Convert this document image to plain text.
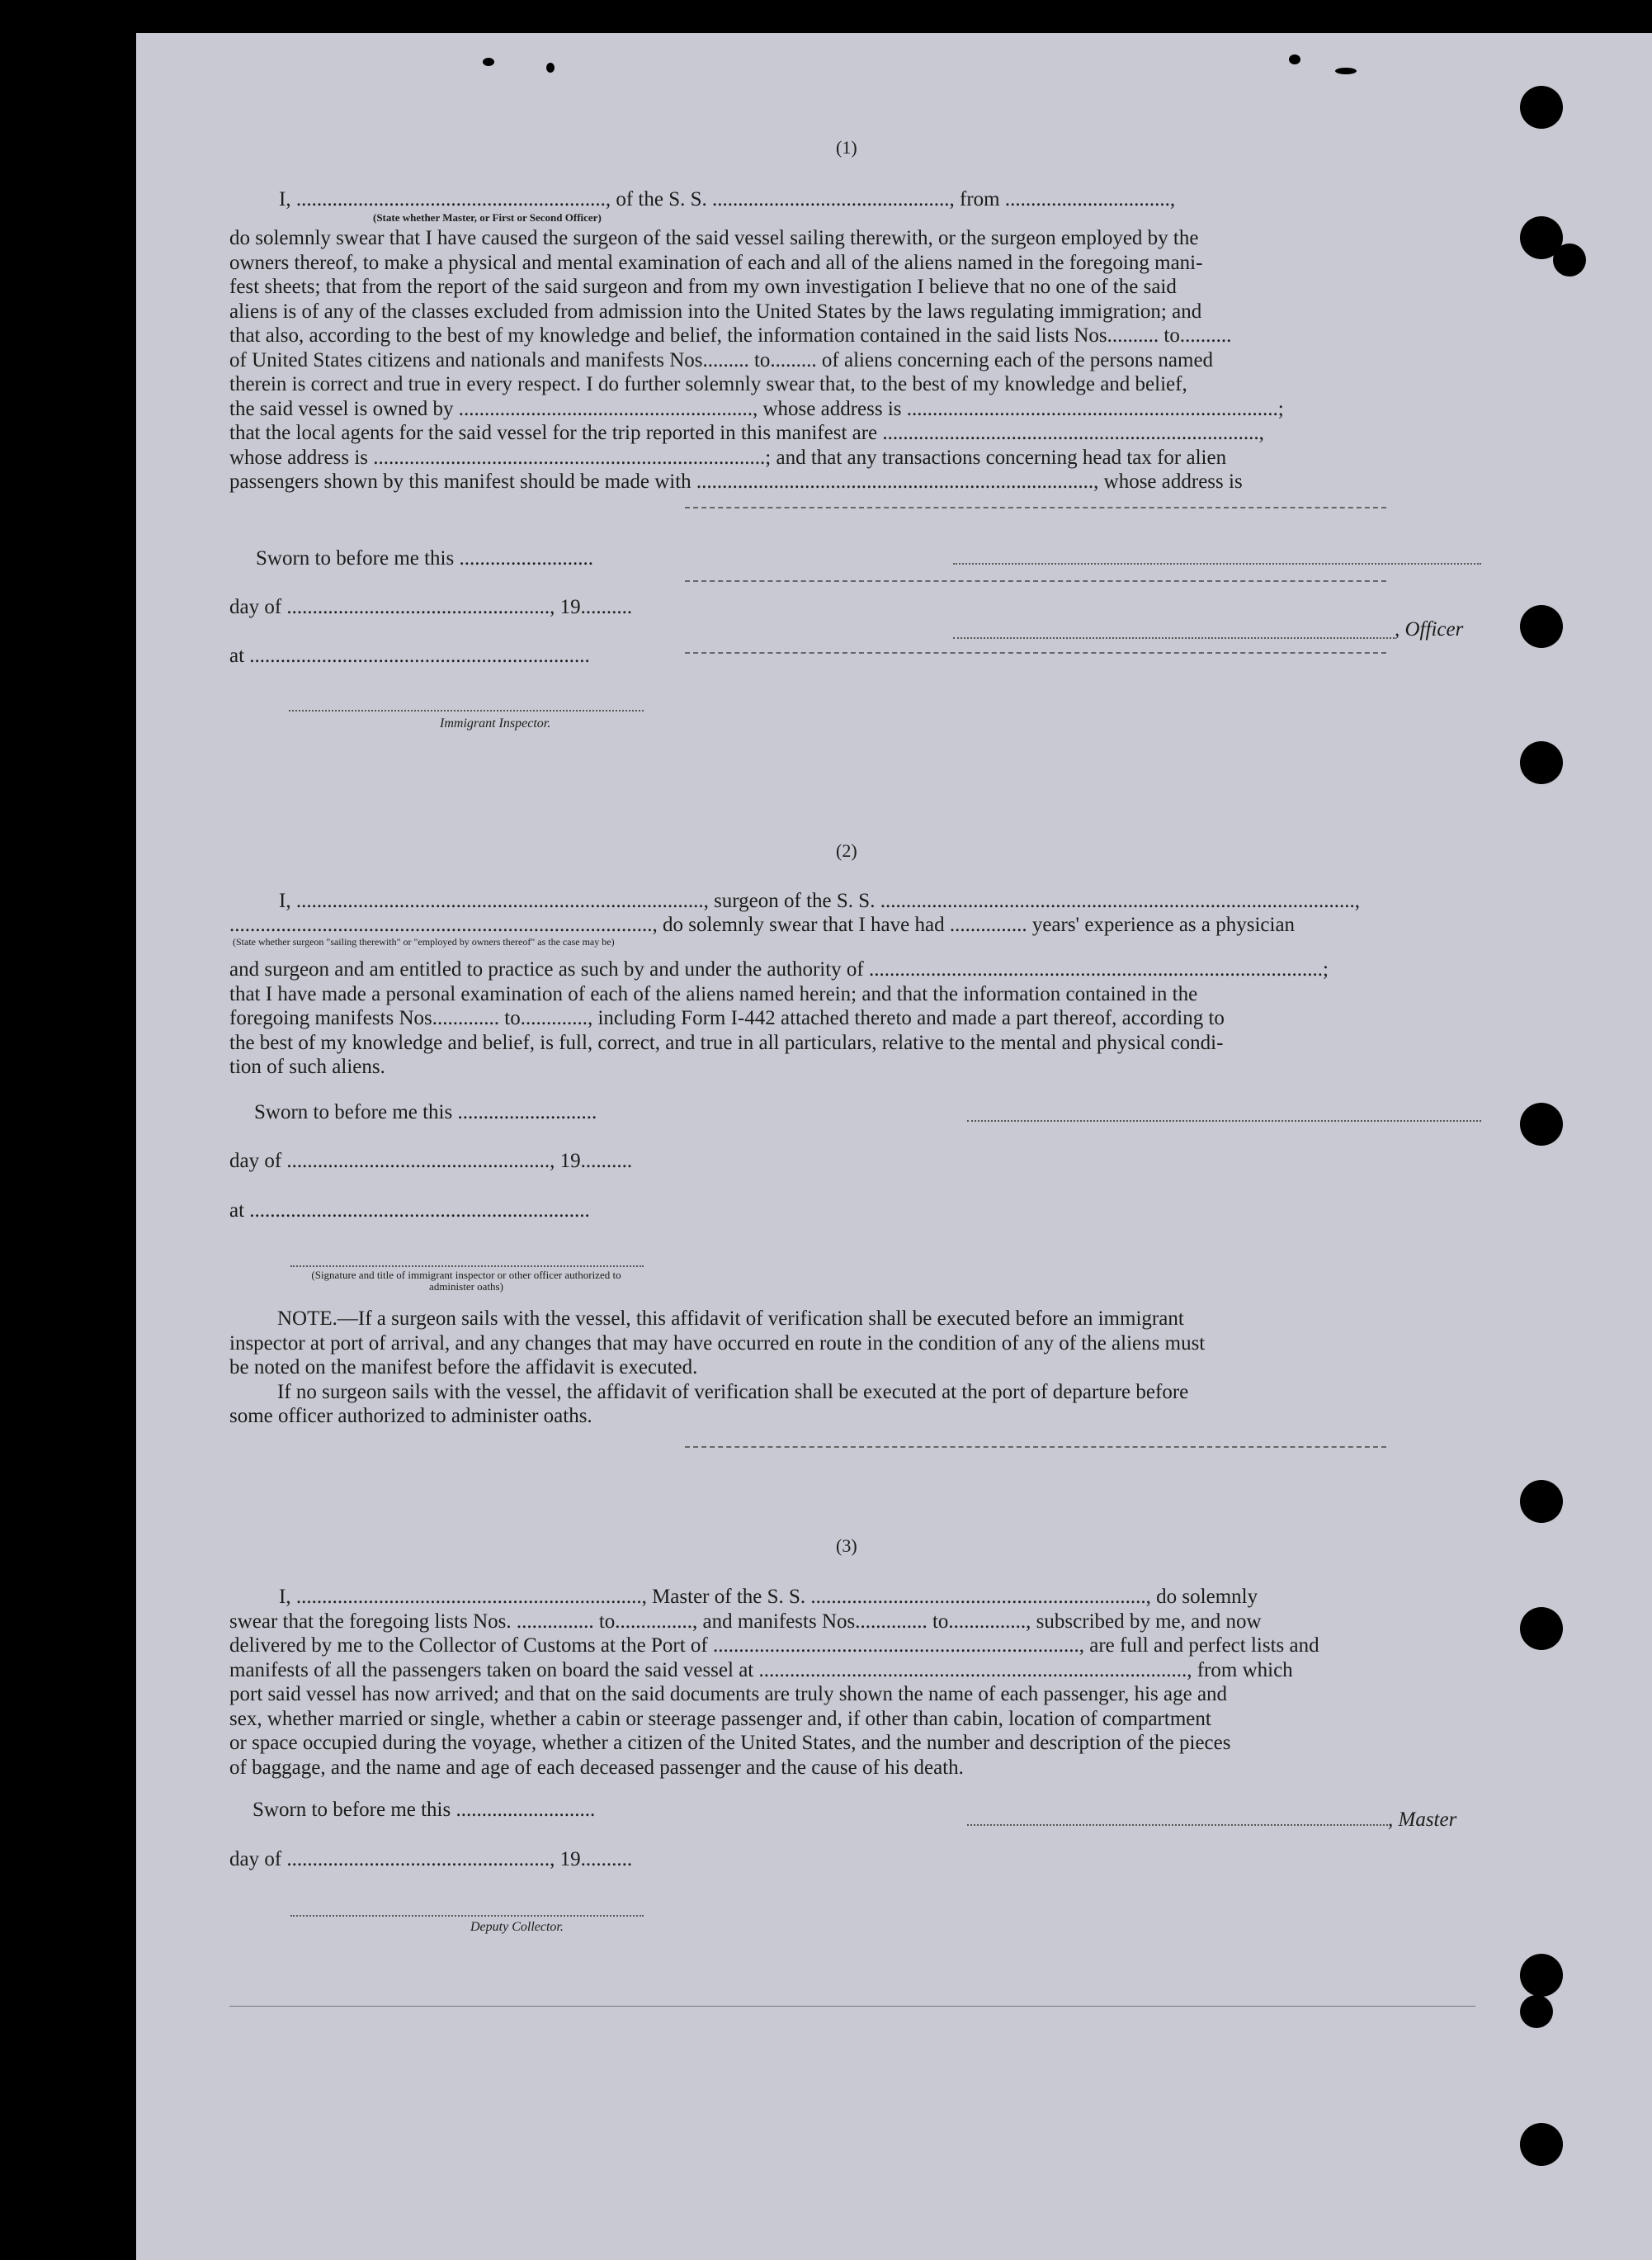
(1)
I, ............................................................, of the S. S. .............................................., from ................................,
(State whether Master, or First or Second Officer)
do solemnly swear that I have caused the surgeon of the said vessel sailing therewith, or the surgeon employed by the
owners thereof, to make a physical and mental examination of each and all of the aliens named in the foregoing mani-
fest sheets; that from the report of the said surgeon and from my own investigation I believe that no one of the said
aliens is of any of the classes excluded from admission into the United States by the laws regulating immigration; and
that also, according to the best of my knowledge and belief, the information contained in the said lists Nos.......... to..........
of United States citizens and nationals and manifests Nos......... to......... of aliens concerning each of the persons named
therein is correct and true in every respect. I do further solemnly swear that, to the best of my knowledge and belief,
the said vessel is owned by ........................................................., whose address is ........................................................................;
that the local agents for the said vessel for the trip reported in this manifest are .........................................................................,
whose address is ............................................................................; and that any transactions concerning head tax for alien
passengers shown by this manifest should be made with ............................................................................., whose address is
Sworn to before me this ..........................
day of ..................................................., 19..........
, Officer
at ..................................................................
Immigrant Inspector.
(2)
I, ..............................................................................., surgeon of the S. S. ............................................................................................,
.................................................................................., do solemnly swear that I have had ............... years' experience as a physician
(State whether surgeon "sailing therewith" or "employed by owners thereof" as the case may be)
and surgeon and am entitled to practice as such by and under the authority of ........................................................................................;
that I have made a personal examination of each of the aliens named herein; and that the information contained in the
foregoing manifests Nos............. to............., including Form I-442 attached thereto and made a part thereof, according to
the best of my knowledge and belief, is full, correct, and true in all particulars, relative to the mental and physical condi-
tion of such aliens.
Sworn to before me this ...........................
day of ..................................................., 19..........
at ..................................................................
(Signature and title of immigrant inspector or other officer authorized to administer oaths)
NOTE.—If a surgeon sails with the vessel, this affidavit of verification shall be executed before an immigrant
inspector at port of arrival, and any changes that may have occurred en route in the condition of any of the aliens must
be noted on the manifest before the affidavit is executed.
If no surgeon sails with the vessel, the affidavit of verification shall be executed at the port of departure before
some officer authorized to administer oaths.
(3)
I, ..................................................................., Master of the S. S. ................................................................., do solemnly
swear that the foregoing lists Nos. ............... to..............., and manifests Nos.............. to..............., subscribed by me, and now
delivered by me to the Collector of Customs at the Port of ......................................................................., are full and perfect lists and
manifests of all the passengers taken on board the said vessel at ..................................................................................., from which
port said vessel has now arrived; and that on the said documents are truly shown the name of each passenger, his age and
sex, whether married or single, whether a cabin or steerage passenger and, if other than cabin, location of compartment
or space occupied during the voyage, whether a citizen of the United States, and the number and description of the pieces
of baggage, and the name and age of each deceased passenger and the cause of his death.
Sworn to before me this ...........................	, Master
day of ..................................................., 19..........
Deputy Collector.
